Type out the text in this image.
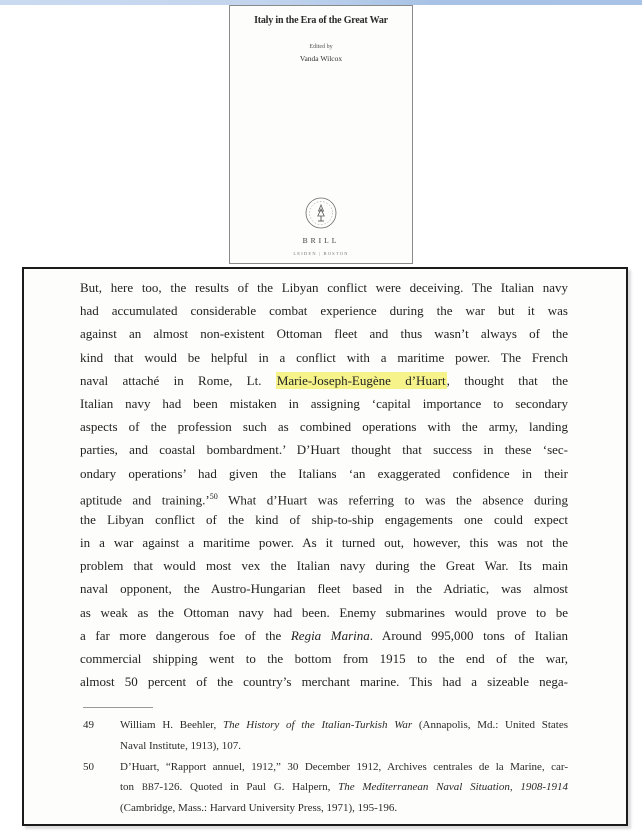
Italy in the Era of the Great War
Edited by
Vanda Wilcox
BRILL
LEIDEN | BOSTON
But, here too, the results of the Libyan conflict were deceiving. The Italian navy
had accumulated considerable combat experience during the war but it was
against an almost non-existent Ottoman fleet and thus wasn’t always of the
kind that would be helpful in a conflict with a maritime power. The French
naval attaché in Rome, Lt. Marie-Joseph-Eugène d’Huart, thought that the
Italian navy had been mistaken in assigning ‘capital importance to secondary
aspects of the profession such as combined operations with the army, landing
parties, and coastal bombardment.’ D’Huart thought that success in these ‘sec-
ondary operations’ had given the Italians ‘an exaggerated confidence in their
aptitude and training.’$^{50}$ What d’Huart was referring to was the absence during
the Libyan conflict of the kind of ship-to-ship engagements one could expect
in a war against a maritime power. As it turned out, however, this was not the
problem that would most vex the Italian navy during the Great War. Its main
naval opponent, the Austro-Hungarian fleet based in the Adriatic, was almost
as weak as the Ottoman navy had been. Enemy submarines would prove to be
a far more dangerous foe of the Regia Marina. Around 995,000 tons of Italian
commercial shipping went to the bottom from 1915 to the end of the war,
almost 50 percent of the country’s merchant marine. This had a sizeable nega-
49	William H. Beehler, The History of the Italian-Turkish War (Annapolis, Md.: United States
Naval Institute, 1913), 107.
50	D’Huart, “Rapport annuel, 1912,” 30 December 1912, Archives centrales de la Marine, car-
ton BB7-126. Quoted in Paul G. Halpern, The Mediterranean Naval Situation, 1908-1914
(Cambridge, Mass.: Harvard University Press, 1971), 195-196.
